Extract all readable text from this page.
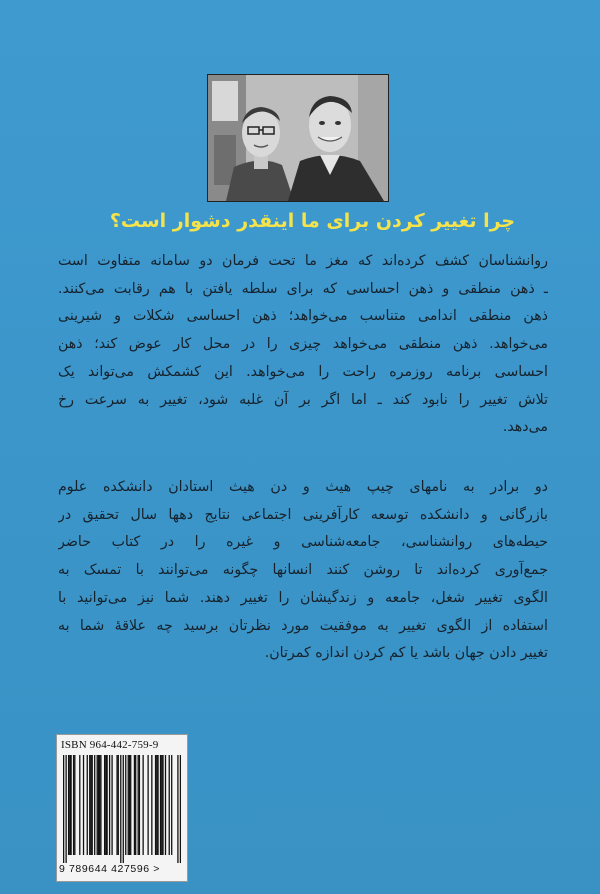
چرا تغییر کردن برای ما اینقدر دشوار است؟
روانشناسان کشف کرده‌اند که مغز ما تحت فرمان دو سامانه متفاوت است
ـ ذهن منطقی و ذهن احساسی که برای سلطه یافتن با هم رقابت می‌کنند.
ذهن منطقی اندامی متناسب می‌خواهد؛ ذهن احساسی شکلات و شیرینی
می‌خواهد. ذهن منطقی می‌خواهد چیزی را در محل کار عوض کند؛ ذهن
احساسی برنامه روزمره راحت را می‌خواهد. این کشمکش می‌تواند یک
تلاش تغییر را نابود کند ـ اما اگر بر آن غلبه شود، تغییر به سرعت رخ
می‌دهد.
دو برادر به نامهای چیپ هیث و دن هیث استادان دانشکده علوم
بازرگانی و دانشکده توسعه کارآفرینی اجتماعی نتایج دهها سال تحقیق در
حیطه‌های روانشناسی، جامعه‌شناسی و غیره را در کتاب حاضر
جمع‌آوری کرده‌اند تا روشن کنند انسانها چگونه می‌توانند با تمسک به
الگوی تغییر شغل، جامعه و زندگیشان را تغییر دهند. شما نیز می‌توانید با
استفاده از الگوی تغییر به موفقیت مورد نظرتان برسید چه علاقهٔ شما به
تغییر دادن جهان باشد یا کم کردن اندازه کمرتان.
ISBN 964-442-759-9
9 789644 427596 >
